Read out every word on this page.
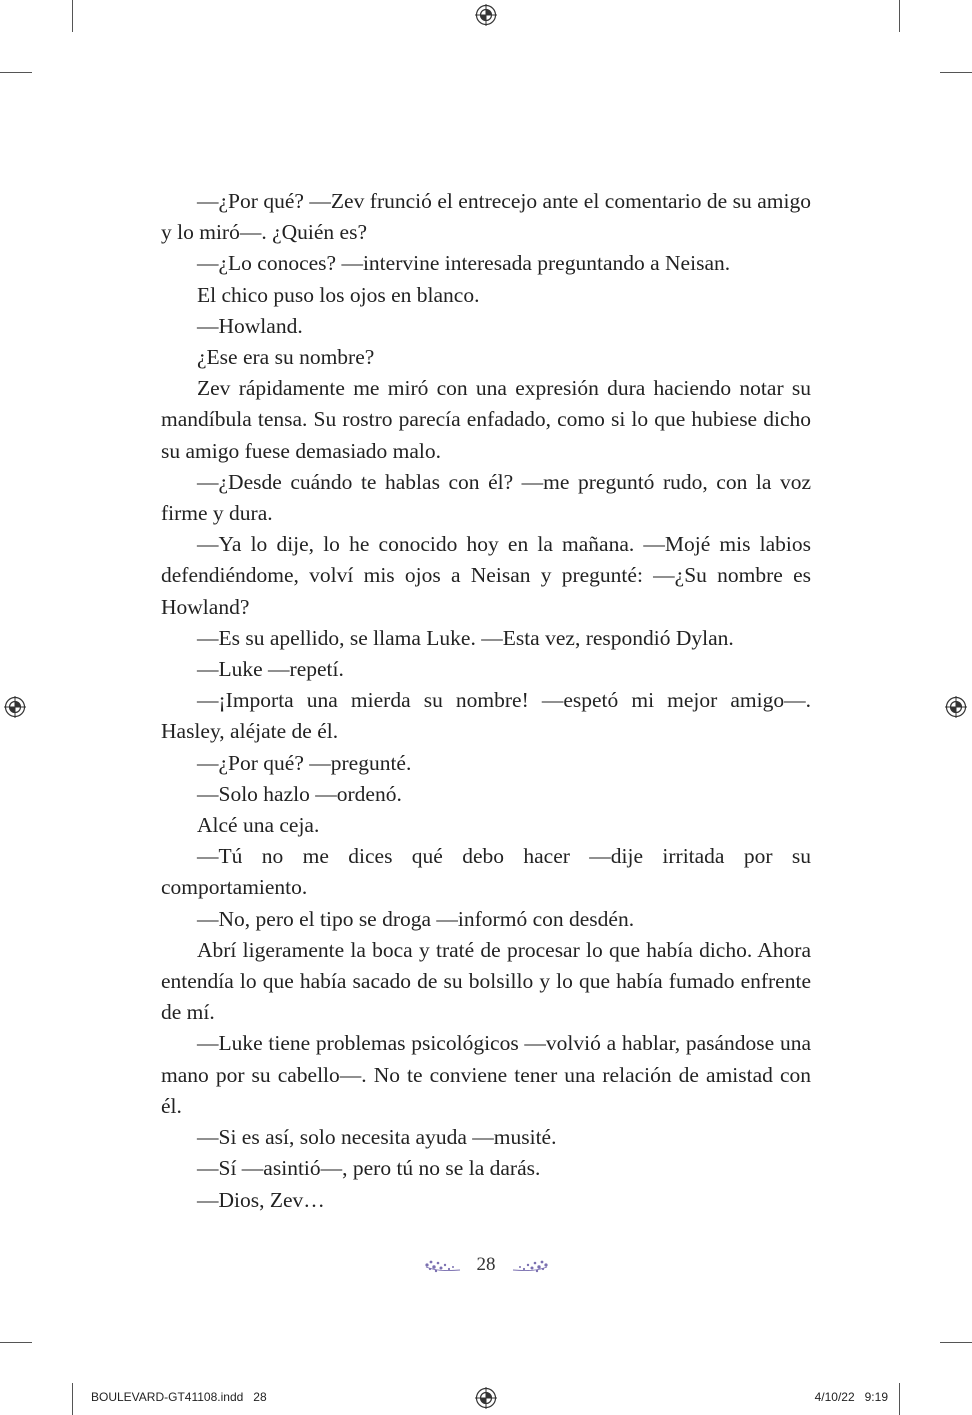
—¿Por qué? —Zev frunció el entrecejo ante el comentario de su amigo y lo miró—. ¿Quién es?

—¿Lo conoces? —intervine interesada preguntando a Neisan.

El chico puso los ojos en blanco.

—Howland.

¿Ese era su nombre?

Zev rápidamente me miró con una expresión dura haciendo notar su mandíbula tensa. Su rostro parecía enfadado, como si lo que hubiese dicho su amigo fuese demasiado malo.

—¿Desde cuándo te hablas con él? —me preguntó rudo, con la voz firme y dura.

—Ya lo dije, lo he conocido hoy en la mañana. —Mojé mis labios defendiéndome, volví mis ojos a Neisan y pregunté: —¿Su nombre es Howland?

—Es su apellido, se llama Luke. —Esta vez, respondió Dylan.

—Luke —repetí.

—¡Importa una mierda su nombre! —espetó mi mejor amigo—. Hasley, aléjate de él.

—¿Por qué? —pregunté.

—Solo hazlo —ordenó.

Alcé una ceja.

—Tú no me dices qué debo hacer —dije irritada por su comportamiento.

—No, pero el tipo se droga —informó con desdén.

Abrí ligeramente la boca y traté de procesar lo que había dicho. Ahora entendía lo que había sacado de su bolsillo y lo que había fumado enfrente de mí.

—Luke tiene problemas psicológicos —volvió a hablar, pasándose una mano por su cabello—. No te conviene tener una relación de amistad con él.

—Si es así, solo necesita ayuda —musité.

—Sí —asintió—, pero tú no se la darás.

—Dios, Zev…

28
BOULEVARD-GT41108.indd   28	4/10/22   9:19
